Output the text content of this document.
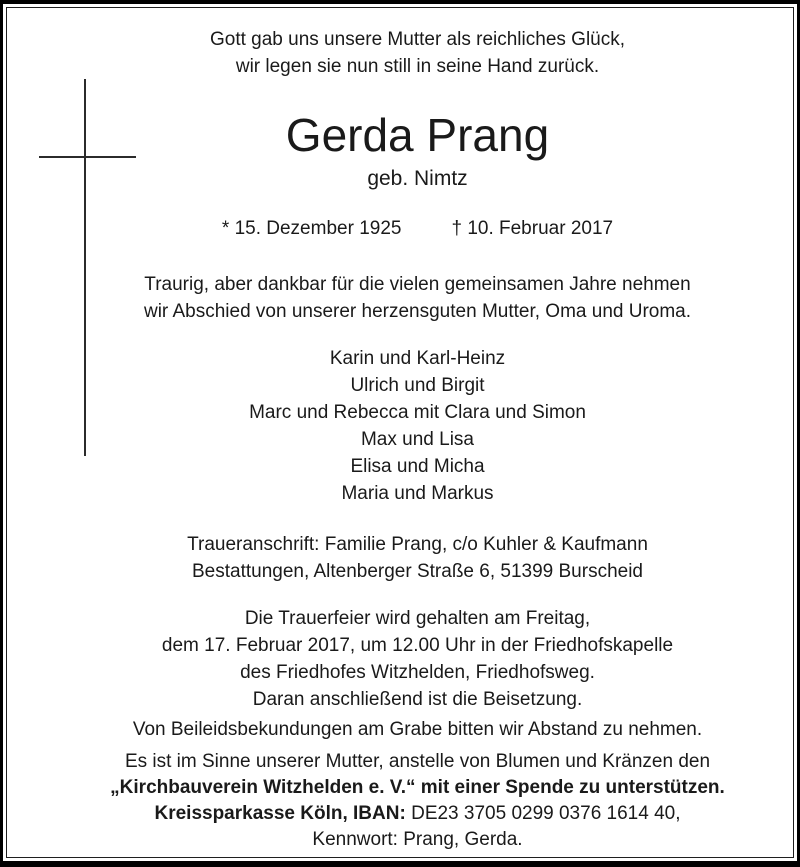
Gott gab uns unsere Mutter als reichliches Glück,
wir legen sie nun still in seine Hand zurück.
Gerda Prang
geb. Nimtz
* 15. Dezember 1925	† 10. Februar 2017
Traurig, aber dankbar für die vielen gemeinsamen Jahre nehmen
wir Abschied von unserer herzensguten Mutter, Oma und Uroma.
Karin und Karl-Heinz
Ulrich und Birgit
Marc und Rebecca mit Clara und Simon
Max und Lisa
Elisa und Micha
Maria und Markus
Traueranschrift: Familie Prang, c/o Kuhler & Kaufmann
Bestattungen, Altenberger Straße 6, 51399 Burscheid
Die Trauerfeier wird gehalten am Freitag,
dem 17. Februar 2017, um 12.00 Uhr in der Friedhofskapelle
des Friedhofes Witzhelden, Friedhofsweg.
Daran anschließend ist die Beisetzung.
Von Beileidsbekundungen am Grabe bitten wir Abstand zu nehmen.
Es ist im Sinne unserer Mutter, anstelle von Blumen und Kränzen den
„Kirchbauverein Witzhelden e. V.“ mit einer Spende zu unterstützen.
Kreissparkasse Köln, IBAN: DE23 3705 0299 0376 1614 40,
Kennwort: Prang, Gerda.
